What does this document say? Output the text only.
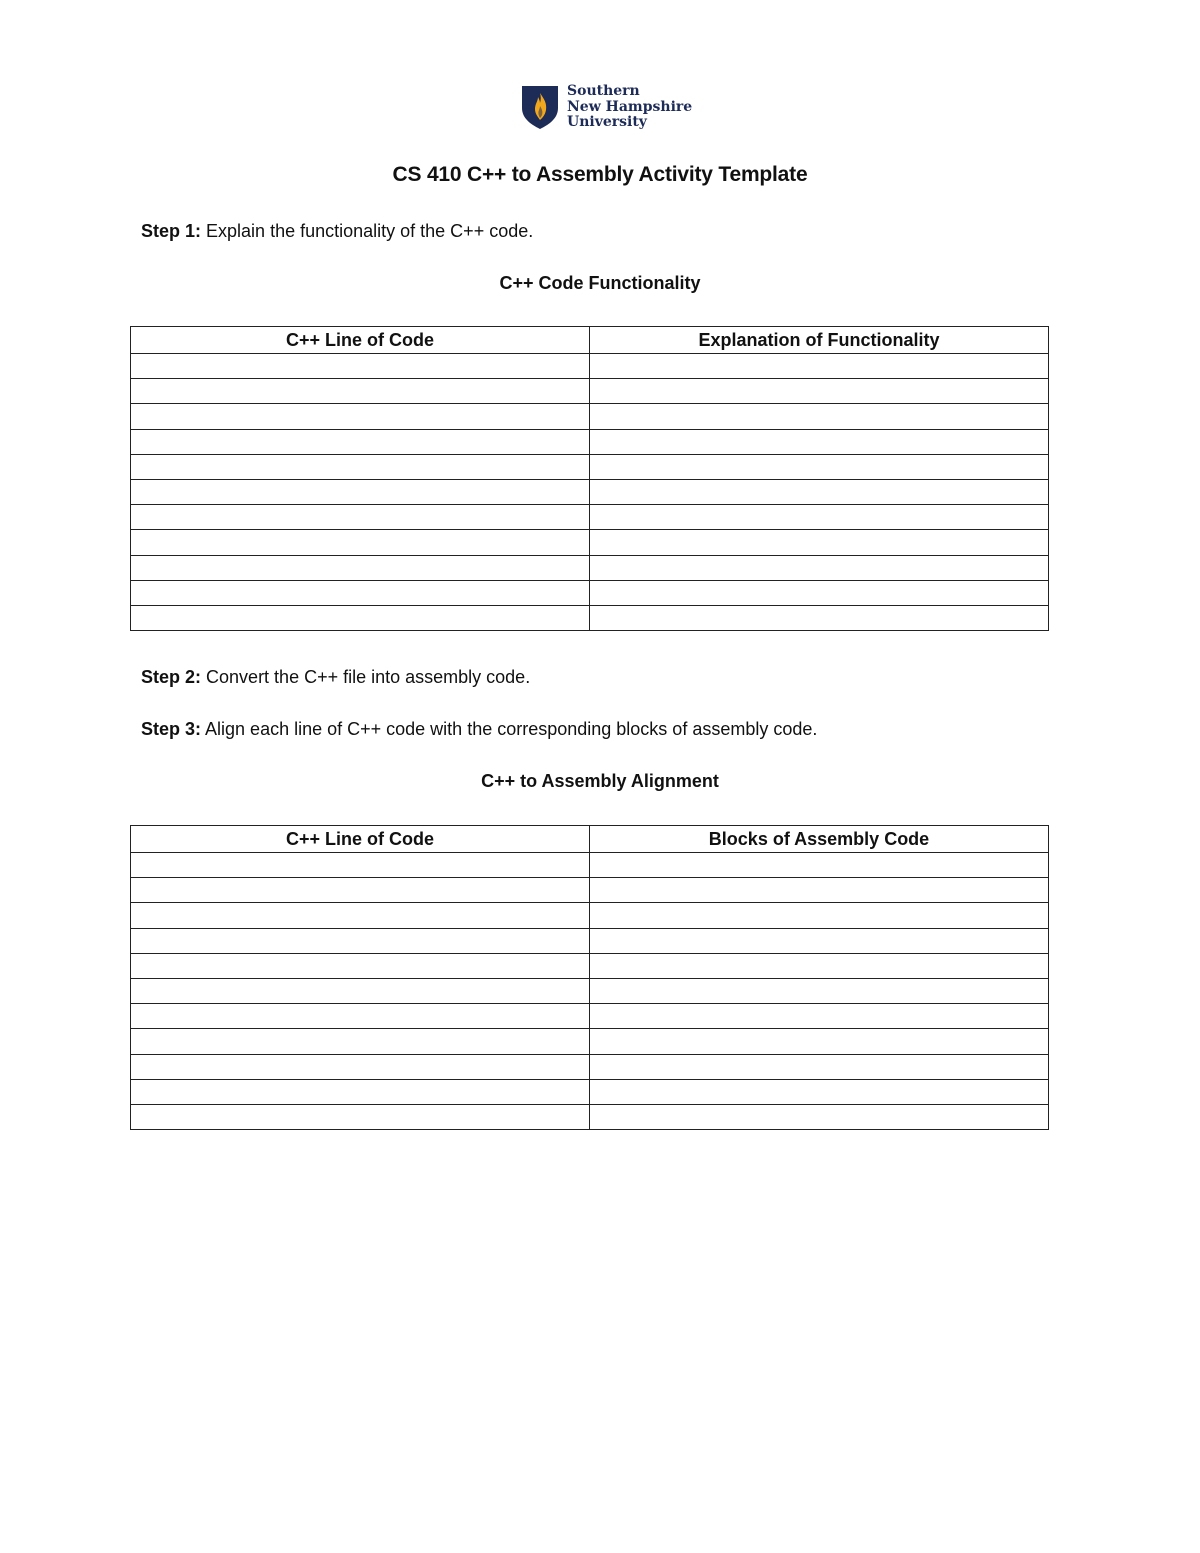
Southern
New Hampshire
University
CS 410 C++ to Assembly Activity Template
Step 1: Explain the functionality of the C++ code.
C++ Code Functionality
C++ Line of Code	Explanation of Functionality

Step 2: Convert the C++ file into assembly code.
Step 3: Align each line of C++ code with the corresponding blocks of assembly code.
C++ to Assembly Alignment
C++ Line of Code	Blocks of Assembly Code
